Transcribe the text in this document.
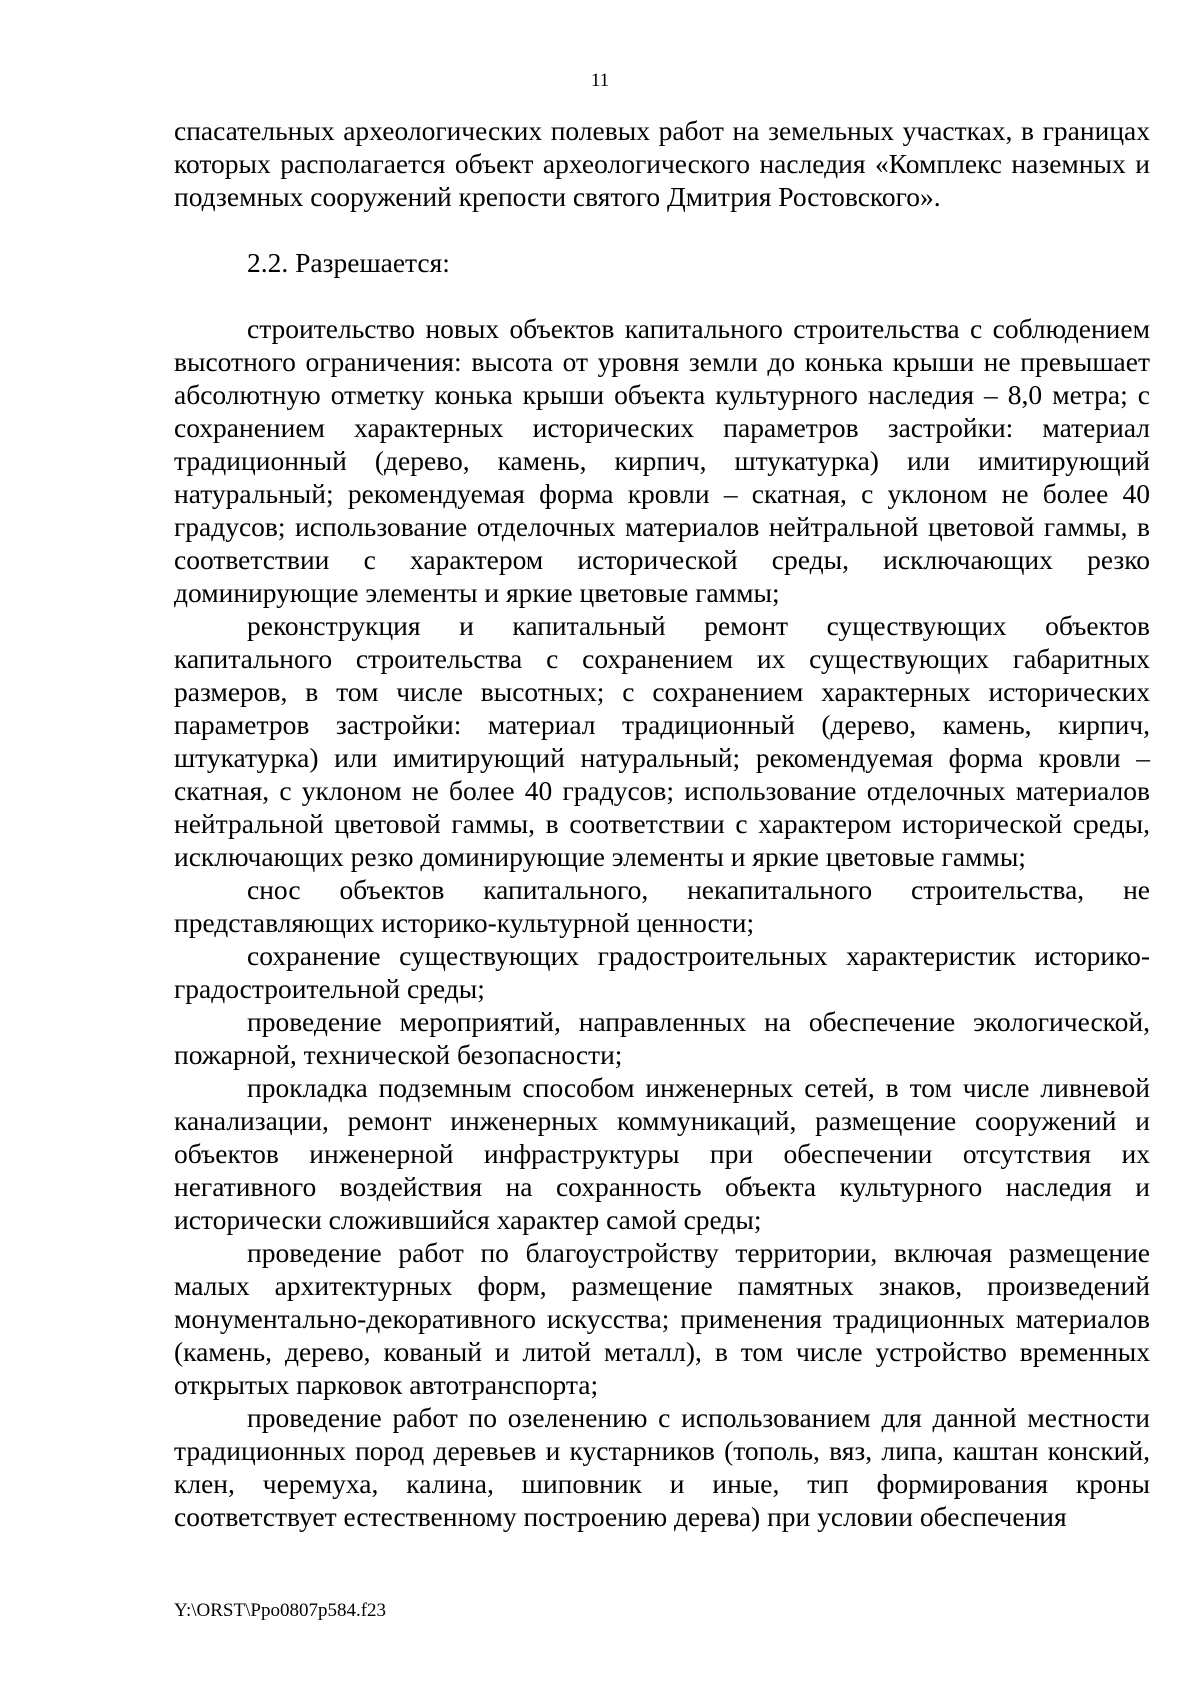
11

спасательных археологических полевых работ на земельных участках, в границах которых располагается объект археологического наследия «Комплекс наземных и подземных сооружений крепости святого Дмитрия Ростовского».

2.2. Разрешается:

строительство новых объектов капитального строительства с соблюдением высотного ограничения: высота от уровня земли до конька крыши не превышает абсолютную отметку конька крыши объекта культурного наследия – 8,0 метра; с сохранением характерных исторических параметров застройки: материал традиционный (дерево, камень, кирпич, штукатурка) или имитирующий натуральный; рекомендуемая форма кровли – скатная, с уклоном не более 40 градусов; использование отделочных материалов нейтральной цветовой гаммы, в соответствии с характером исторической среды, исключающих резко доминирующие элементы и яркие цветовые гаммы;

реконструкция и капитальный ремонт существующих объектов капитального строительства с сохранением их существующих габаритных размеров, в том числе высотных; с сохранением характерных исторических параметров застройки: материал традиционный (дерево, камень, кирпич, штукатурка) или имитирующий натуральный; рекомендуемая форма кровли – скатная, с уклоном не более 40 градусов; использование отделочных материалов нейтральной цветовой гаммы, в соответствии с характером исторической среды, исключающих резко доминирующие элементы и яркие цветовые гаммы;

снос объектов капитального, некапитального строительства, не представляющих историко-культурной ценности;

сохранение существующих градостроительных характеристик историко-градостроительной среды;

проведение мероприятий, направленных на обеспечение экологической, пожарной, технической безопасности;

прокладка подземным способом инженерных сетей, в том числе ливневой канализации, ремонт инженерных коммуникаций, размещение сооружений и объектов инженерной инфраструктуры при обеспечении отсутствия их негативного воздействия на сохранность объекта культурного наследия и исторически сложившийся характер самой среды;

проведение работ по благоустройству территории, включая размещение малых архитектурных форм, размещение памятных знаков, произведений монументально-декоративного искусства; применения традиционных материалов (камень, дерево, кованый и литой металл), в том числе устройство временных открытых парковок автотранспорта;

проведение работ по озеленению с использованием для данной местности традиционных пород деревьев и кустарников (тополь, вяз, липа, каштан конский, клен, черемуха, калина, шиповник и иные, тип формирования кроны соответствует естественному построению дерева) при условии обеспечения

Y:\ORST\Ppo0807p584.f23
